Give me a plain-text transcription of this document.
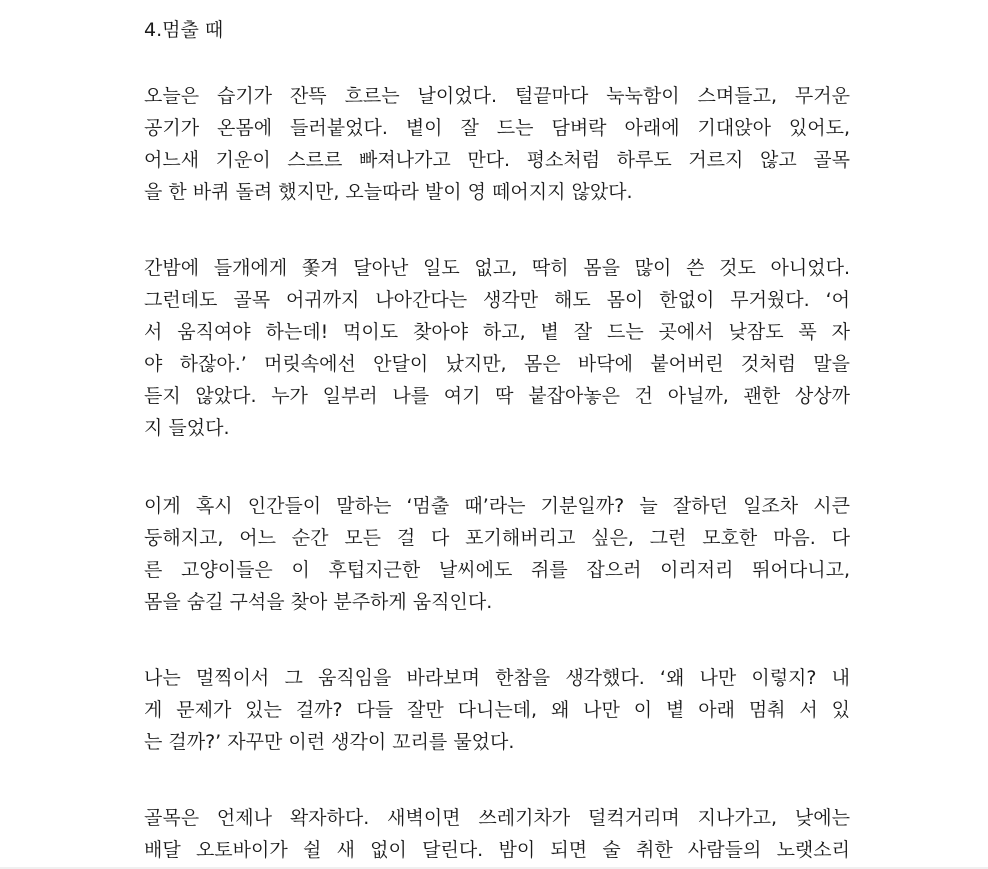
4.멈출 때
오늘은 습기가 잔뜩 흐르는 날이었다. 털끝마다 눅눅함이 스며들고, 무거운
공기가 온몸에 들러붙었다. 볕이 잘 드는 담벼락 아래에 기대앉아 있어도,
어느새 기운이 스르르 빠져나가고 만다. 평소처럼 하루도 거르지 않고 골목
을 한 바퀴 돌려 했지만, 오늘따라 발이 영 떼어지지 않았다.
간밤에 들개에게 쫓겨 달아난 일도 없고, 딱히 몸을 많이 쓴 것도 아니었다.
그런데도 골목 어귀까지 나아간다는 생각만 해도 몸이 한없이 무거웠다. ‘어
서 움직여야 하는데! 먹이도 찾아야 하고, 볕 잘 드는 곳에서 낮잠도 푹 자
야 하잖아.’ 머릿속에선 안달이 났지만, 몸은 바닥에 붙어버린 것처럼 말을
듣지 않았다. 누가 일부러 나를 여기 딱 붙잡아놓은 건 아닐까, 괜한 상상까
지 들었다.
이게 혹시 인간들이 말하는 ‘멈출 때’라는 기분일까? 늘 잘하던 일조차 시큰
둥해지고, 어느 순간 모든 걸 다 포기해버리고 싶은, 그런 모호한 마음. 다
른 고양이들은 이 후텁지근한 날씨에도 쥐를 잡으러 이리저리 뛰어다니고,
몸을 숨길 구석을 찾아 분주하게 움직인다.
나는 멀찍이서 그 움직임을 바라보며 한참을 생각했다. ‘왜 나만 이렇지? 내
게 문제가 있는 걸까? 다들 잘만 다니는데, 왜 나만 이 볕 아래 멈춰 서 있
는 걸까?’ 자꾸만 이런 생각이 꼬리를 물었다.
골목은 언제나 왁자하다. 새벽이면 쓰레기차가 덜컥거리며 지나가고, 낮에는
배달 오토바이가 쉴 새 없이 달린다. 밤이 되면 술 취한 사람들의 노랫소리
